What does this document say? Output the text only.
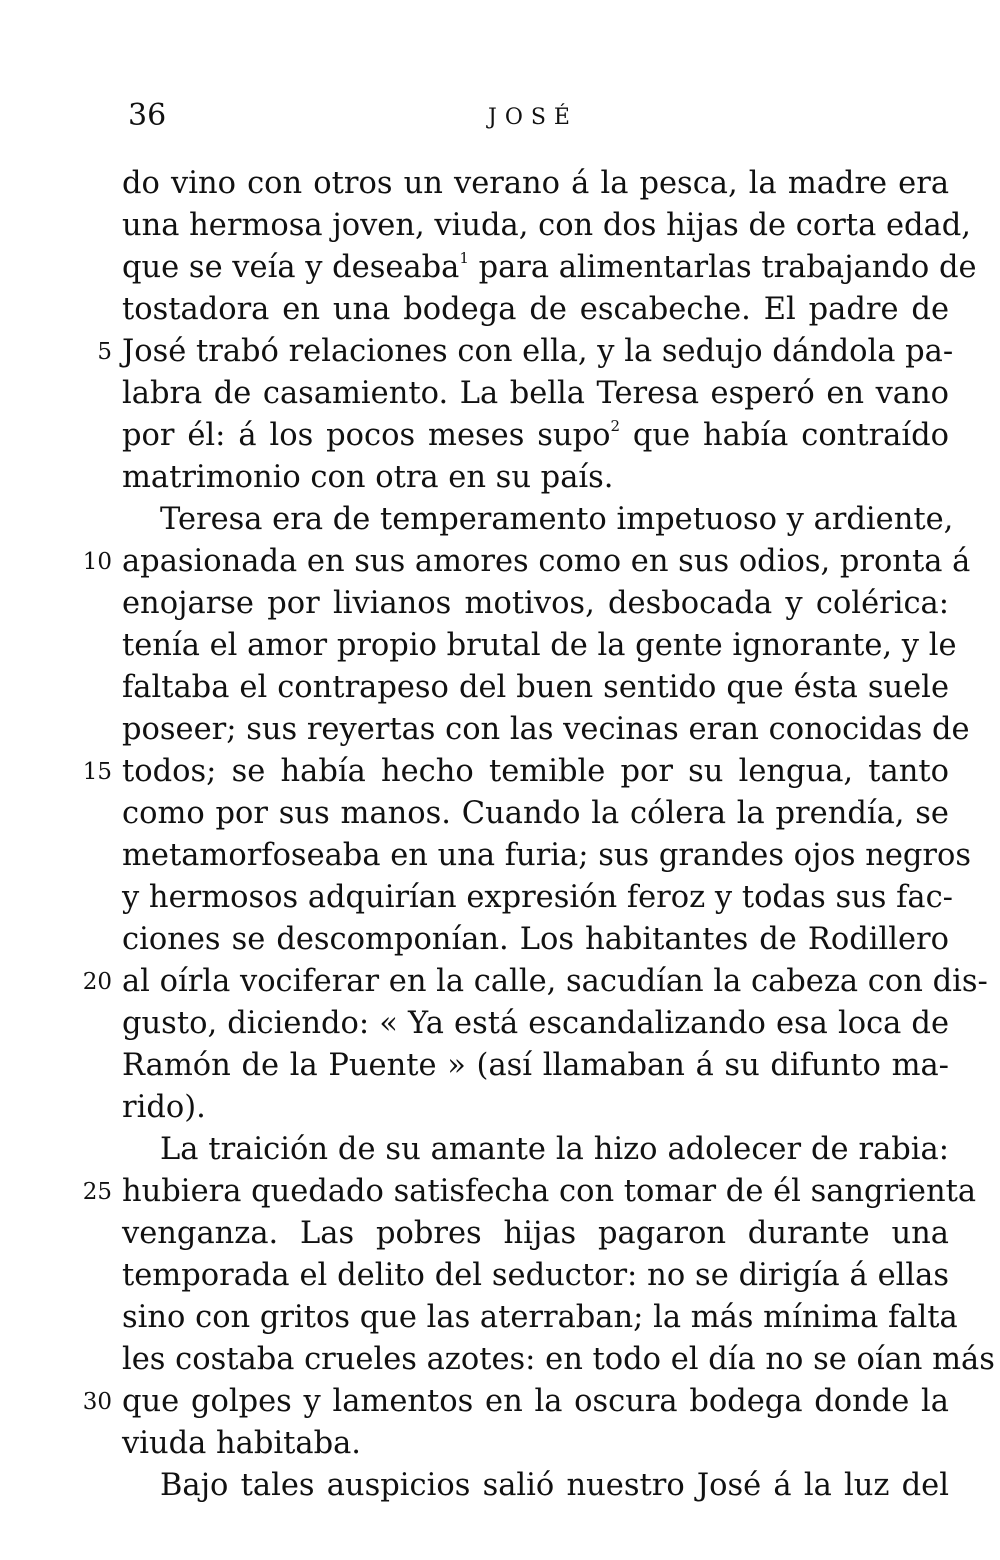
36	JOSÉ
do vino con otros un verano á la pesca, la madre era
una hermosa joven, viuda, con dos hijas de corta edad,
que se veía y deseaba$^1$ para alimentarlas trabajando de
tostadora en una bodega de escabeche. El padre de
José trabó relaciones con ella, y la sedujo dándola pa-
labra de casamiento. La bella Teresa esperó en vano
por él: á los pocos meses supo$^2$ que había contraído
matrimonio con otra en su país.
Teresa era de temperamento impetuoso y ardiente,
apasionada en sus amores como en sus odios, pronta á
enojarse por livianos motivos, desbocada y colérica:
tenía el amor propio brutal de la gente ignorante, y le
faltaba el contrapeso del buen sentido que ésta suele
poseer; sus reyertas con las vecinas eran conocidas de
todos; se había hecho temible por su lengua, tanto
como por sus manos. Cuando la cólera la prendía, se
metamorfoseaba en una furia; sus grandes ojos negros
y hermosos adquirían expresión feroz y todas sus fac-
ciones se descomponían. Los habitantes de Rodillero
al oírla vociferar en la calle, sacudían la cabeza con dis-
gusto, diciendo: « Ya está escandalizando esa loca de
Ramón de la Puente » (así llamaban á su difunto ma-
rido).
La traición de su amante la hizo adolecer de rabia:
hubiera quedado satisfecha con tomar de él sangrienta
venganza. Las pobres hijas pagaron durante una
temporada el delito del seductor: no se dirigía á ellas
sino con gritos que las aterraban; la más mínima falta
les costaba crueles azotes: en todo el día no se oían más
que golpes y lamentos en la oscura bodega donde la
viuda habitaba.
Bajo tales auspicios salió nuestro José á la luz del
5
10
15
20
25
30
